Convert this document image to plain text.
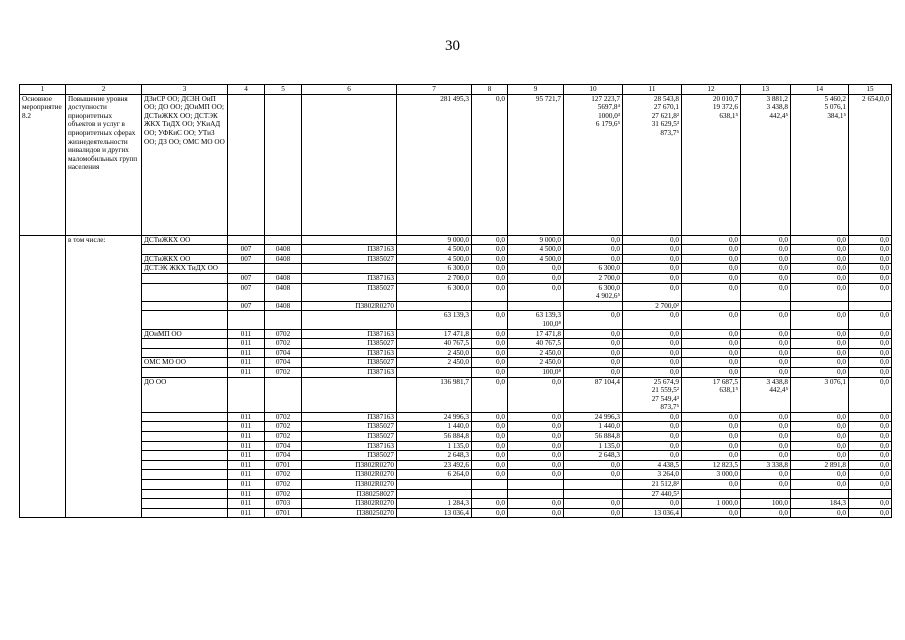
30
1	2	3	4	5	6	7	8	9	10	11	12	13	14	15
Основное мероприятие 8.2	Повышение уровня доступности приоритетных объектов и услуг в приоритетных сферах жизнедеятельности инвалидов и других маломобильных групп населения	ДЗиСР ОО; ДСЗН ОиП ОО; ДО ОО; ДОиМП ОО; ДСТиЖКХ ОО; ДСТЭК ЖКХ ТиДХ ОО; УКиАД ОО; УФКиС ОО; УТиЗ ОО; ДЗ ОО; ОМС МО ОО				281 495,3	0,0	95 721,7	127 223,7
5697,8⁴
1000,0³
6 179,6⁵	28 543,8
27 670,1
27 621,8²
31 629,5³
873,7⁵	20 010,7
19 372,6
638,1⁵	3 881,2
3 438,8
442,4⁵	5 460,2
5 076,1
384,1⁵	2 654,0,0
	в том числе:	ДСТиЖКХ ОО				9 000,0	0,0	9 000,0	0,0	0,0	0,0	0,0	0,0	0,0
			007	0408	П387163	4 500,0	0,0	4 500,0	0,0	0,0	0,0	0,0	0,0	0,0
		ДСТиЖКХ ОО	007	0408	П385027	4 500,0	0,0	4 500,0	0,0	0,0	0,0	0,0	0,0	0,0
		ДСТЭК ЖКХ ТиДХ ОО				6 300,0	0,0	0,0	6 300,0	0,0	0,0	0,0	0,0	0,0
			007	0408	П387163	2 700,0	0,0	0,0	2 700,0	0,0	0,0	0,0	0,0	0,0
			007	0408	П385027	6 300,0	0,0	0,0	6 300,0
4 902,6⁵	0,0	0,0	0,0	0,0	0,0
			007	0408	П3802R0270					2 700,0²				
						63 139,3	0,0	63 139,3
100,0⁸	0,0	0,0	0,0	0,0	0,0	0,0
		ДОиМП ОО	011	0702	П387163	17 471,8	0,0	17 471,8	0,0	0,0	0,0	0,0	0,0	0,0
			011	0702	П385027	40 767,5	0,0	40 767,5	0,0	0,0	0,0	0,0	0,0	0,0
			011	0704	П387163	2 450,0	0,0	2 450,0	0,0	0,0	0,0	0,0	0,0	0,0
		ОМС МО ОО	011	0704	П385027	2 450,0	0,0	2 450,0	0,0	0,0	0,0	0,0	0,0	0,0
			011	0702	П387163		0,0	100,0⁸	0,0	0,0	0,0	0,0	0,0	0,0
		ДО ОО				136 981,7	0,0	0,0	87 104,4	25 674,9
21 559,5²
27 549,4³
873,7⁵	17 687,5
638,1⁵	3 438,8
442,4⁵	3 076,1	0,0
			011	0702	П387163	24 996,3	0,0	0,0	24 996,3	0,0	0,0	0,0	0,0	0,0
			011	0702	П385027	1 440,0	0,0	0,0	1 440,0	0,0	0,0	0,0	0,0	0,0
			011	0702	П385027	56 884,8	0,0	0,0	56 884,8	0,0	0,0	0,0	0,0	0,0
			011	0704	П387163	1 135,0	0,0	0,0	1 135,0	0,0	0,0	0,0	0,0	0,0
			011	0704	П385027	2 648,3	0,0	0,0	2 648,3	0,0	0,0	0,0	0,0	0,0
			011	0701	П3802R0270	23 492,6	0,0	0,0	0,0	4 438,5	12 823,5	3 338,8	2 891,8	0,0
			011	0702	П3802R0270	6 264,0	0,0	0,0	0,0	3 264,0	3 000,0	0,0	0,0	0,0
			011	0702	П3802R0270					21 512,8²	0,0	0,0	0,0	0,0
			011	0702	П380258027					27 440,5³				
			011	0703	П3802R0270	1 284,3	0,0	0,0	0,0	0,0	1 000,0	100,0	184,3	0,0
			011	0701	П380250270	13 036,4	0,0	0,0	0,0	13 036,4	0,0	0,0	0,0	0,0
